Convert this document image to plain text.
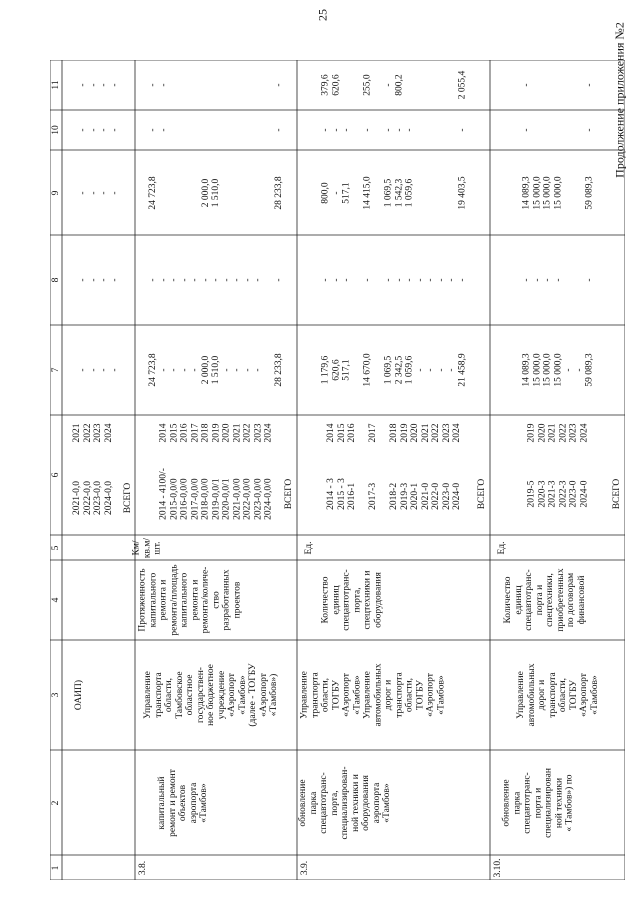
25
Продолжение приложения №2
1
2
3
4
5
6
7
8
9
10
11
ОАИП)
2021-0,0
2022-0,0
2023-0,0
2024-0,0 ВСЕГО
2021
2022
2023
2024
-
-
-
-
-
-
-
-
-
-
-
-
-
-
-
-
-
-
-
-
3.8.
капитальный
ремонт и ремонт
объектов
аэропорта
«Тамбов»
Управление
транспорта
области,
Тамбовское
областное
государствен-
ное бюджетное
учреждение
«Аэропорт
«Тамбов»
(далее - ТОГБУ
«Аэропорт
«Тамбов»)
Протяженность
капитального
ремонта и
ремонта/площадь
капитального
ремонта и
ремонта/количе-
ство
разработанных
проектов
Км/
кв.м/
шт.
2014 - 4100/-
2015-0,0/0
2016-0,0/0
2017-0,0/0
2018-0,0/0
2019-0,0/1
2020-0,0/1
2021-0,0/0
2022-0,0/0
2023-0,0/0
2024-0,0/0 ВСЕГО
2014
2015
2016
2017
2018
2019
2020
2021
2022
2023
2024
24 723,8
-
-
-
-
2 000,0
1 510,0
-
-
-
-

28 233,8
-
-
-
-
-
-
-
-
-
-
-

-
24 723,8

2 000,0
1 510,0

28 233,8
-
-

-
-
-

-
3.9.
обновление
парка
спецавтотранс-
порта,
специализирован-
ной техники и
оборудования
аэропорта
«Тамбов»
Управление
транспорта
области,
ТОГБУ
«Аэропорт
«Тамбов»
Управление
автомобильных
дорог и
транспорта
области,
ТОГБУ
«Аэропорт
«Тамбов»
Количество
единиц
спецавтотранс-
порта,
спецтехники и
оборудования
Ед.
2014 - 3
2015 - 3
2016-1

2017-3

2018-2
2019-3
2020-1
2021-0
2022-0
2023-0
2024-0 ВСЕГО
2014
2015
2016

2017

2018
2019
2020
2021
2022
2023
2024
1 179,6
620,6
517,1

14 670,0

1 069,5
2 342,5
1 059,6
-
-
-
-
21 458,9
-
-
-

-

-
-
-
-
-
-
-
-
800,0
-
517,1

14 415,0

1 069,5
1 542,3
1 059,6

19 403,5
-
-
-

-

-
-
-

-
379,6
620,6

255,0

-
800,2

2 055,4
3.10.
обновление
парка
спецавтотранс-
порта и
специализирован
ной техники
« Тамбов») по
Управление
автомобильных
дорог и
транспорта
области,
ТОГБУ
«Аэропорт
«Тамбов»
Количество
единиц
спецавтотранс-
порта и
спецтехники,
приобретенных
по договорам
финансовой
Ед.
2019-5
2020-3
2021-3
2022-3
2023-0
2024-0 ВСЕГО
2019
2020
2021
2022
2023
2024
14 089,3
15 000,0
15 000,0
15 000,0
-
-
59 089,3
-
-
-
-

-
14 089,3
15 000,0
15 000,0
15 000,0

59 089,3
-

-
-

-
